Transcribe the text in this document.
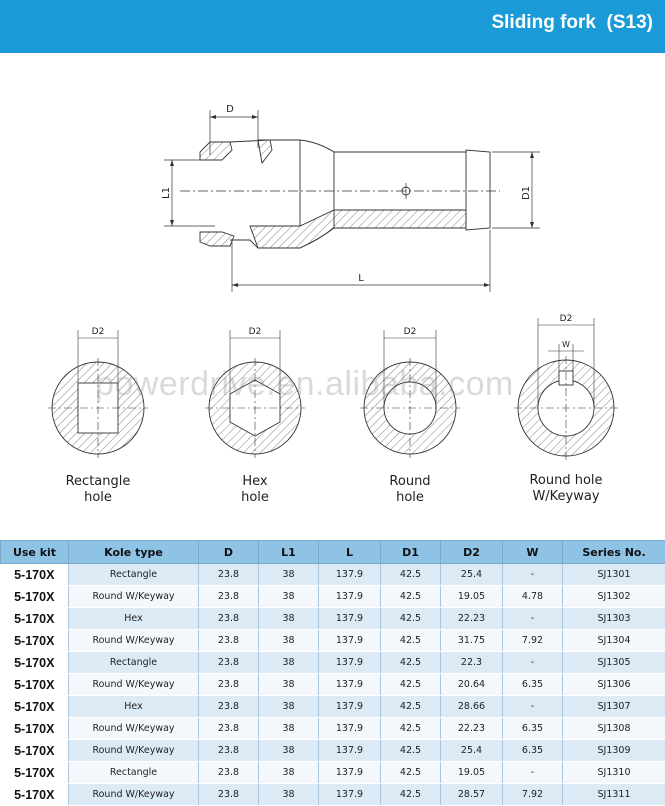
Sliding fork  (S13)
D
L1	D1
L
D2	D2	D2
D2
W
powerdrive.en.alibaba.com
Rectangle
hole
Hex
hole
Round
hole
Round hole
W/Keyway
Use kit	Kole type	D	L1	L	D1	D2	W	Series No.
5-170X	Rectangle	23.8	38	137.9	42.5	25.4	-	SJ1301
5-170X	Round W/Keyway	23.8	38	137.9	42.5	19.05	4.78	SJ1302
5-170X	Hex	23.8	38	137.9	42.5	22.23	-	SJ1303
5-170X	Round W/Keyway	23.8	38	137.9	42.5	31.75	7.92	SJ1304
5-170X	Rectangle	23.8	38	137.9	42.5	22.3	-	SJ1305
5-170X	Round W/Keyway	23.8	38	137.9	42.5	20.64	6.35	SJ1306
5-170X	Hex	23.8	38	137.9	42.5	28.66	-	SJ1307
5-170X	Round W/Keyway	23.8	38	137.9	42.5	22.23	6.35	SJ1308
5-170X	Round W/Keyway	23.8	38	137.9	42.5	25.4	6.35	SJ1309
5-170X	Rectangle	23.8	38	137.9	42.5	19.05	-	SJ1310
5-170X	Round W/Keyway	23.8	38	137.9	42.5	28.57	7.92	SJ1311
